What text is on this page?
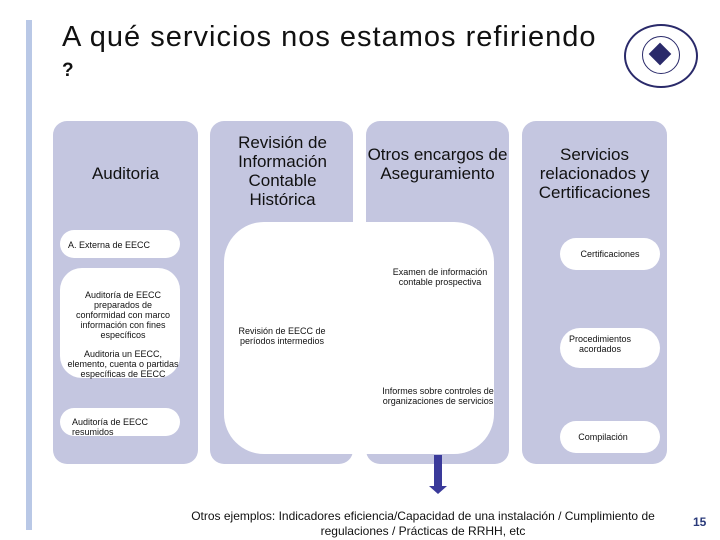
A qué servicios nos estamos refiriendo ?
Auditoria
Revisión de Información Contable Histórica
Otros encargos de Aseguramiento
Servicios relacionados y Certificaciones
A. Externa de EECC
Auditoría de EECC preparados de conformidad con marco información con fines específicos
Auditoria un EECC, elemento, cuenta o partidas específicas de EECC
Auditoría de EECC resumidos
Revisión de EECC de períodos intermedios
Examen de información contable prospectiva
Informes sobre controles de organizaciones de servicios
Certificaciones
Procedimientos acordados
Compilación
Otros ejemplos: Indicadores eficiencia/Capacidad de una instalación / Cumplimiento de regulaciones / Prácticas de RRHH, etc
15
